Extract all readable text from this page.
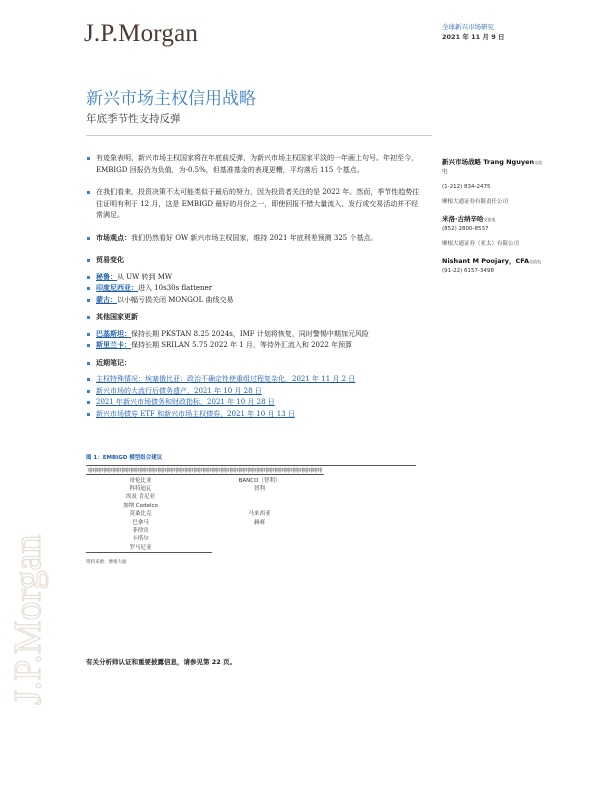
J.P.Morgan	全球新兴市场研究
2021 年 11 月 9 日
新兴市场主权信用战略
年底季节性支持反弹
有迹象表明，新兴市场主权国家将在年底前反弹，为新兴市场主权国家平淡的一年画上句号。年初至今，EMBIGD 回报仍为负值，为-0.5%，但基准基金的表现更糟，平均落后 115 个基点。
在我们看来，投资决策不太可能类似于最后的努力，因为投资者关注的是 2022 年。然而，季节性趋势往往证明有利于 12 月，这是 EMBIGD 最好的月份之一，即使回报不错大量流入、发行或交易活动并不经常满足。
市场观点：我们仍然看好 OW 新兴市场主权国家，维持 2021 年底利差预测 325 个基点。
贸易变化
秘鲁：从 UW 转到 MW
印度尼西亚：进入 10s30s flattener
蒙古：以小幅亏损关闭 MONGOL 曲线交易
其他国家更新
巴基斯坦：保持长期 PKSTAN 8.25 2024s，IMF 计划将恢复，同时警惕中期加元风险
斯里兰卡：保持长期 SRILAN 5.75 2022 年 1 月，等待外汇流入和 2022 年预算
近期笔记：
主权特殊情况：埃塞俄比亚：政治不确定性使重组过程复杂化，2021 年 11 月 2 日
新兴市场的大流行后债务遗产，2021 年 10 月 28 日
2021 年新兴市场债务和财政指标，2021 年 10 月 28 日
新兴市场债券 ETF 和新兴市场主权债券，2021 年 10 月 13 日
新兴市场战略 Trang Nguyen$^{交流}$
电
(1-212) 834-2475
摩根大通证券有限责任公司
米洛·古纳辛哈$^{交流电}$
(852) 2800-8537
摩根大通证券（亚太）有限公司
Nishant M Poojary，$CFA^{交流电}$
(91-22) 6157-3498
图 1：EMBIGD 模型组合建议
啡啡啡啡啡啡啡啡啡啡啡啡啡啡啡啡啡啡啡啡啡啡啡啡啡啡啡啡啡啡啡啡啡啡啡啡啡啡啡啡啡啡啡啡啡啡啡啡啡啡啡啡	
哥伦比亚	BANCO（智利）
科特迪瓦	智利
埃及 肯尼亚	
加纳 Codelco	
莫桑比克	马来西亚
巴拿马	赫赛
菲律宾	
卡塔尔	
罗马尼亚	
资料来源：摩根大通
J.P.Morgan	有关分析师认证和重要披露信息，请参见第 22 页。
